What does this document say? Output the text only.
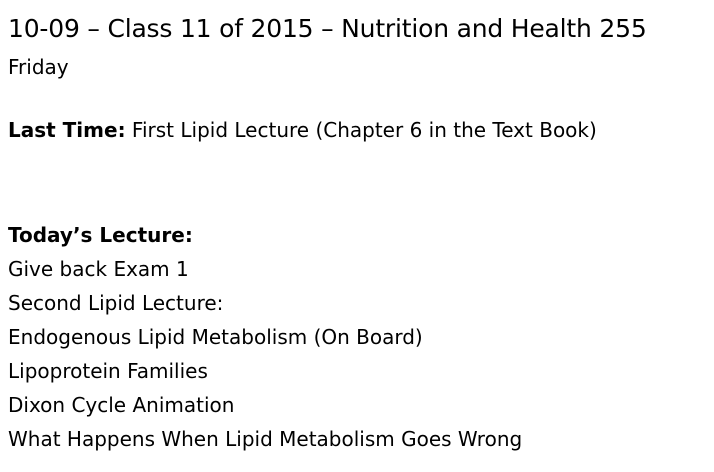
10-09 – Class 11 of 2015 – Nutrition and Health 255
Friday
Last Time: First Lipid Lecture (Chapter 6 in the Text Book)
Today’s Lecture:
Give back Exam 1
Second Lipid Lecture:
Endogenous Lipid Metabolism (On Board)
Lipoprotein Families
Dixon Cycle Animation
What Happens When Lipid Metabolism Goes Wrong
